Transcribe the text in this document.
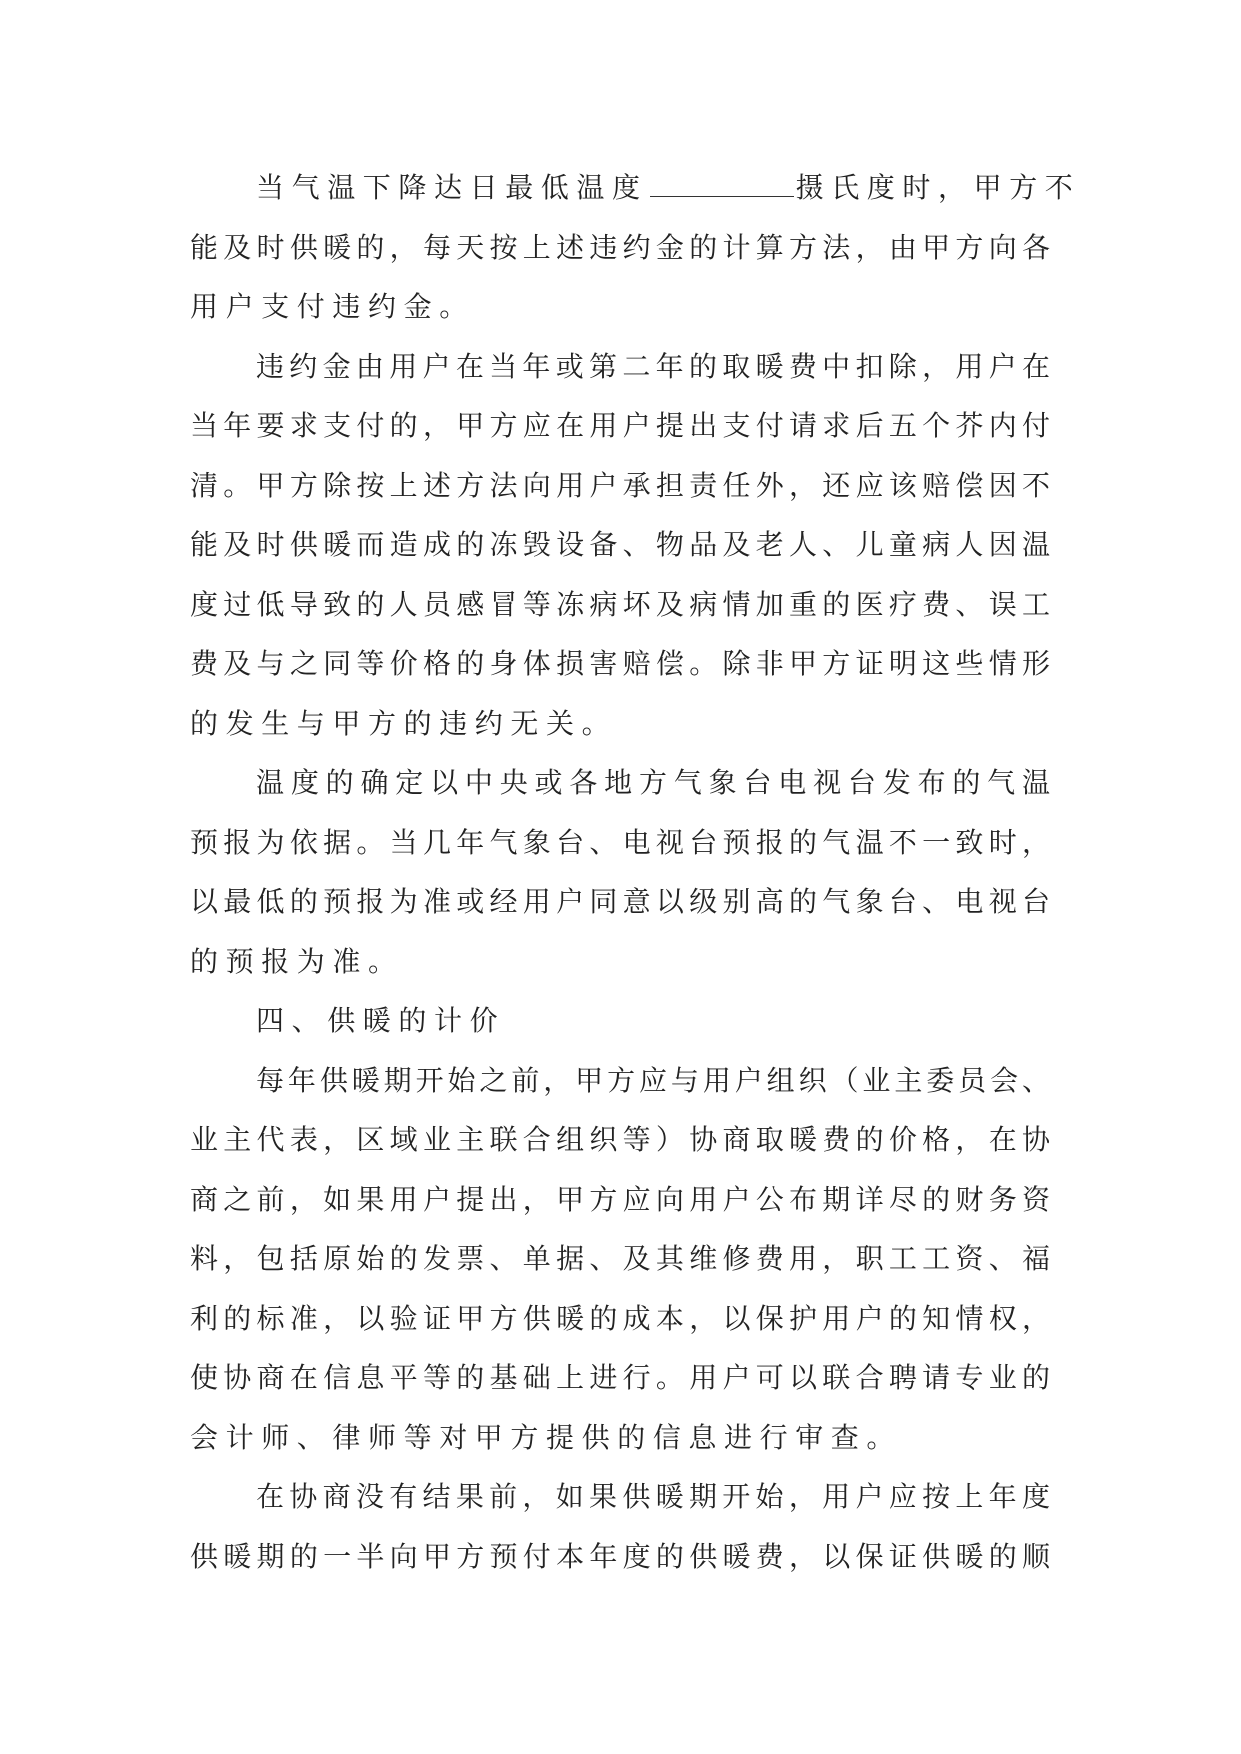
当气温下降达日最低温度	摄氏度时，甲方不
能及时供暖的，每天按上述违约金的计算方法，由甲方向各
用户支付违约金。
违约金由用户在当年或第二年的取暖费中扣除，用户在
当年要求支付的，甲方应在用户提出支付请求后五个芥内付
清。甲方除按上述方法向用户承担责任外，还应该赔偿因不
能及时供暖而造成的冻毁设备、物品及老人、儿童病人因温
度过低导致的人员感冒等冻病坏及病情加重的医疗费、误工
费及与之同等价格的身体损害赔偿。除非甲方证明这些情形
的发生与甲方的违约无关。
温度的确定以中央或各地方气象台电视台发布的气温
预报为依据。当几年气象台、电视台预报的气温不一致时，
以最低的预报为准或经用户同意以级别高的气象台、电视台
的预报为准。
四、供暖的计价
每年供暖期开始之前，甲方应与用户组织（业主委员会、
业主代表，区域业主联合组织等）协商取暖费的价格，在协
商之前，如果用户提出，甲方应向用户公布期详尽的财务资
料，包括原始的发票、单据、及其维修费用，职工工资、福
利的标准，以验证甲方供暖的成本，以保护用户的知情权，
使协商在信息平等的基础上进行。用户可以联合聘请专业的
会计师、律师等对甲方提供的信息进行审查。
在协商没有结果前，如果供暖期开始，用户应按上年度
供暖期的一半向甲方预付本年度的供暖费，以保证供暖的顺
